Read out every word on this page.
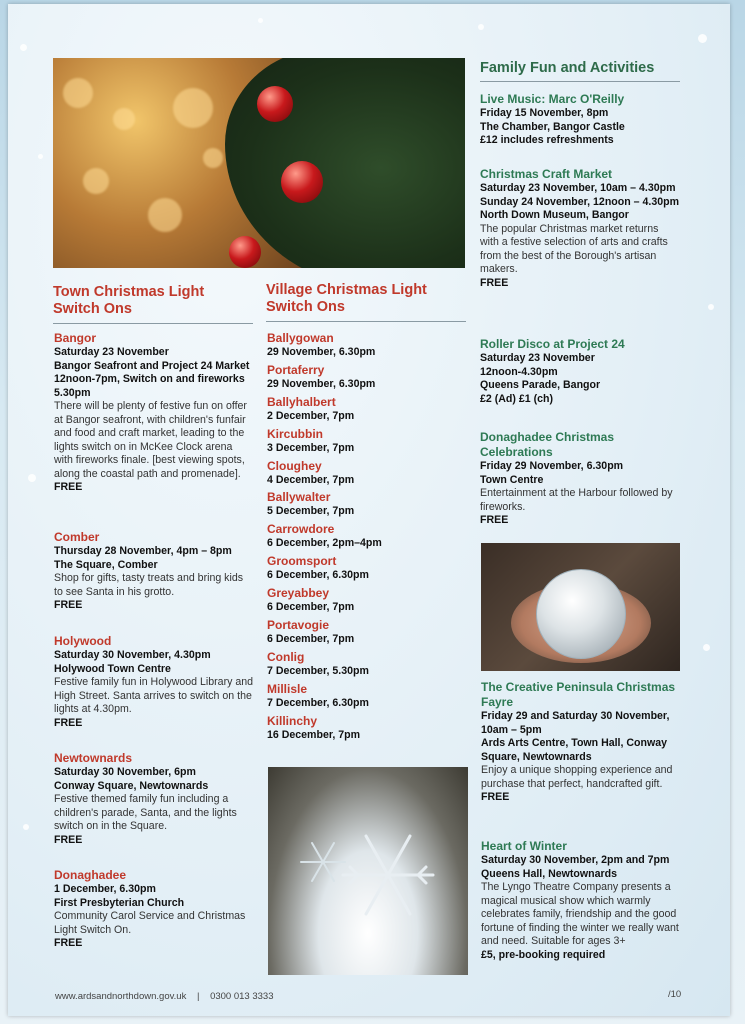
Town Christmas Light Switch Ons
Bangor
Saturday 23 November
Bangor Seafront and Project 24 Market 12noon-7pm, Switch on and fireworks 5.30pm
There will be plenty of festive fun on offer at Bangor seafront, with children's funfair and food and craft market, leading to the lights switch on in McKee Clock arena with fireworks finale. [best viewing spots, along the coastal path and promenade].
FREE
Comber
Thursday 28 November, 4pm – 8pm
The Square, Comber
Shop for gifts, tasty treats and bring kids to see Santa in his grotto.
FREE
Holywood
Saturday 30 November, 4.30pm
Holywood Town Centre
Festive family fun in Holywood Library and High Street. Santa arrives to switch on the lights at 4.30pm.
FREE
Newtownards
Saturday 30 November, 6pm
Conway Square, Newtownards
Festive themed family fun including a children's parade, Santa, and the lights switch on in the Square.
FREE
Donaghadee
1 December, 6.30pm
First Presbyterian Church
Community Carol Service and Christmas Light Switch On.
FREE
Village Christmas Light Switch Ons
Ballygowan
29 November, 6.30pm
Portaferry
29 November, 6.30pm
Ballyhalbert
2 December, 7pm
Kircubbin
3 December, 7pm
Cloughey
4 December, 7pm
Ballywalter
5 December, 7pm
Carrowdore
6 December, 2pm–4pm
Groomsport
6 December, 6.30pm
Greyabbey
6 December, 7pm
Portavogie
6 December, 7pm
Conlig
7 December, 5.30pm
Millisle
7 December, 6.30pm
Killinchy
16 December, 7pm
Family Fun and Activities
Live Music: Marc O'Reilly
Friday 15 November, 8pm
The Chamber, Bangor Castle
£12 includes refreshments
Christmas Craft Market
Saturday 23 November, 10am – 4.30pm
Sunday 24 November, 12noon – 4.30pm
North Down Museum, Bangor
The popular Christmas market returns with a festive selection of arts and crafts from the best of the Borough's artisan makers.
FREE
Roller Disco at Project 24
Saturday 23 November
12noon-4.30pm
Queens Parade, Bangor
£2 (Ad) £1 (ch)
Donaghadee Christmas Celebrations
Friday 29 November, 6.30pm
Town Centre
Entertainment at the Harbour followed by fireworks.
FREE
The Creative Peninsula Christmas Fayre
Friday 29 and Saturday 30 November, 10am – 5pm
Ards Arts Centre, Town Hall, Conway Square, Newtownards
Enjoy a unique shopping experience and purchase that perfect, handcrafted gift.
FREE
Heart of Winter
Saturday 30 November, 2pm and 7pm
Queens Hall, Newtownards
The Lyngo Theatre Company presents a magical musical show which warmly celebrates family, friendship and the good fortune of finding the winter we really want and need. Suitable for ages 3+
£5, pre-booking required
www.ardsandnorthdown.gov.uk | 0300 013 3333	/10
